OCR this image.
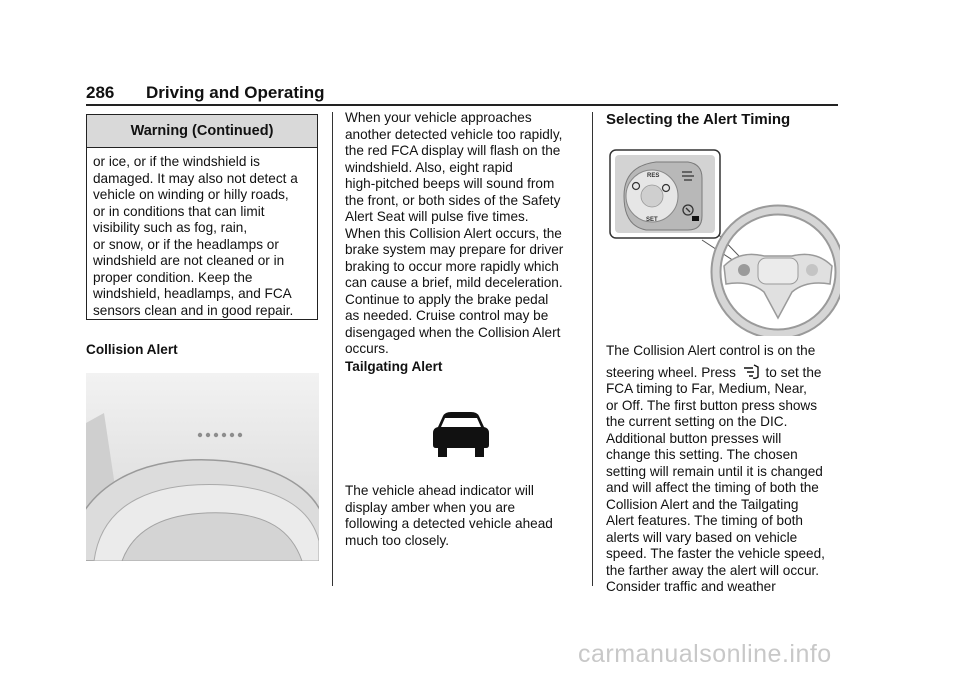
286 Driving and Operating
Warning (Continued)
or ice, or if the windshield is
damaged. It may also not detect a
vehicle on winding or hilly roads,
or in conditions that can limit
visibility such as fog, rain,
or snow, or if the headlamps or
windshield are not cleaned or in
proper condition. Keep the
windshield, headlamps, and FCA
sensors clean and in good repair.
Collision Alert
When your vehicle approaches
another detected vehicle too rapidly,
the red FCA display will flash on the
windshield. Also, eight rapid
high-pitched beeps will sound from
the front, or both sides of the Safety
Alert Seat will pulse five times.
When this Collision Alert occurs, the
brake system may prepare for driver
braking to occur more rapidly which
can cause a brief, mild deceleration.
Continue to apply the brake pedal
as needed. Cruise control may be
disengaged when the Collision Alert
occurs.
Tailgating Alert
The vehicle ahead indicator will
display amber when you are
following a detected vehicle ahead
much too closely.
Selecting the Alert Timing
RES
SET
The Collision Alert control is on the
steering wheel. Press to set the
FCA timing to Far, Medium, Near,
or Off. The first button press shows
the current setting on the DIC.
Additional button presses will
change this setting. The chosen
setting will remain until it is changed
and will affect the timing of both the
Collision Alert and the Tailgating
Alert features. The timing of both
alerts will vary based on vehicle
speed. The faster the vehicle speed,
the farther away the alert will occur.
Consider traffic and weather
carmanualsonline.info
